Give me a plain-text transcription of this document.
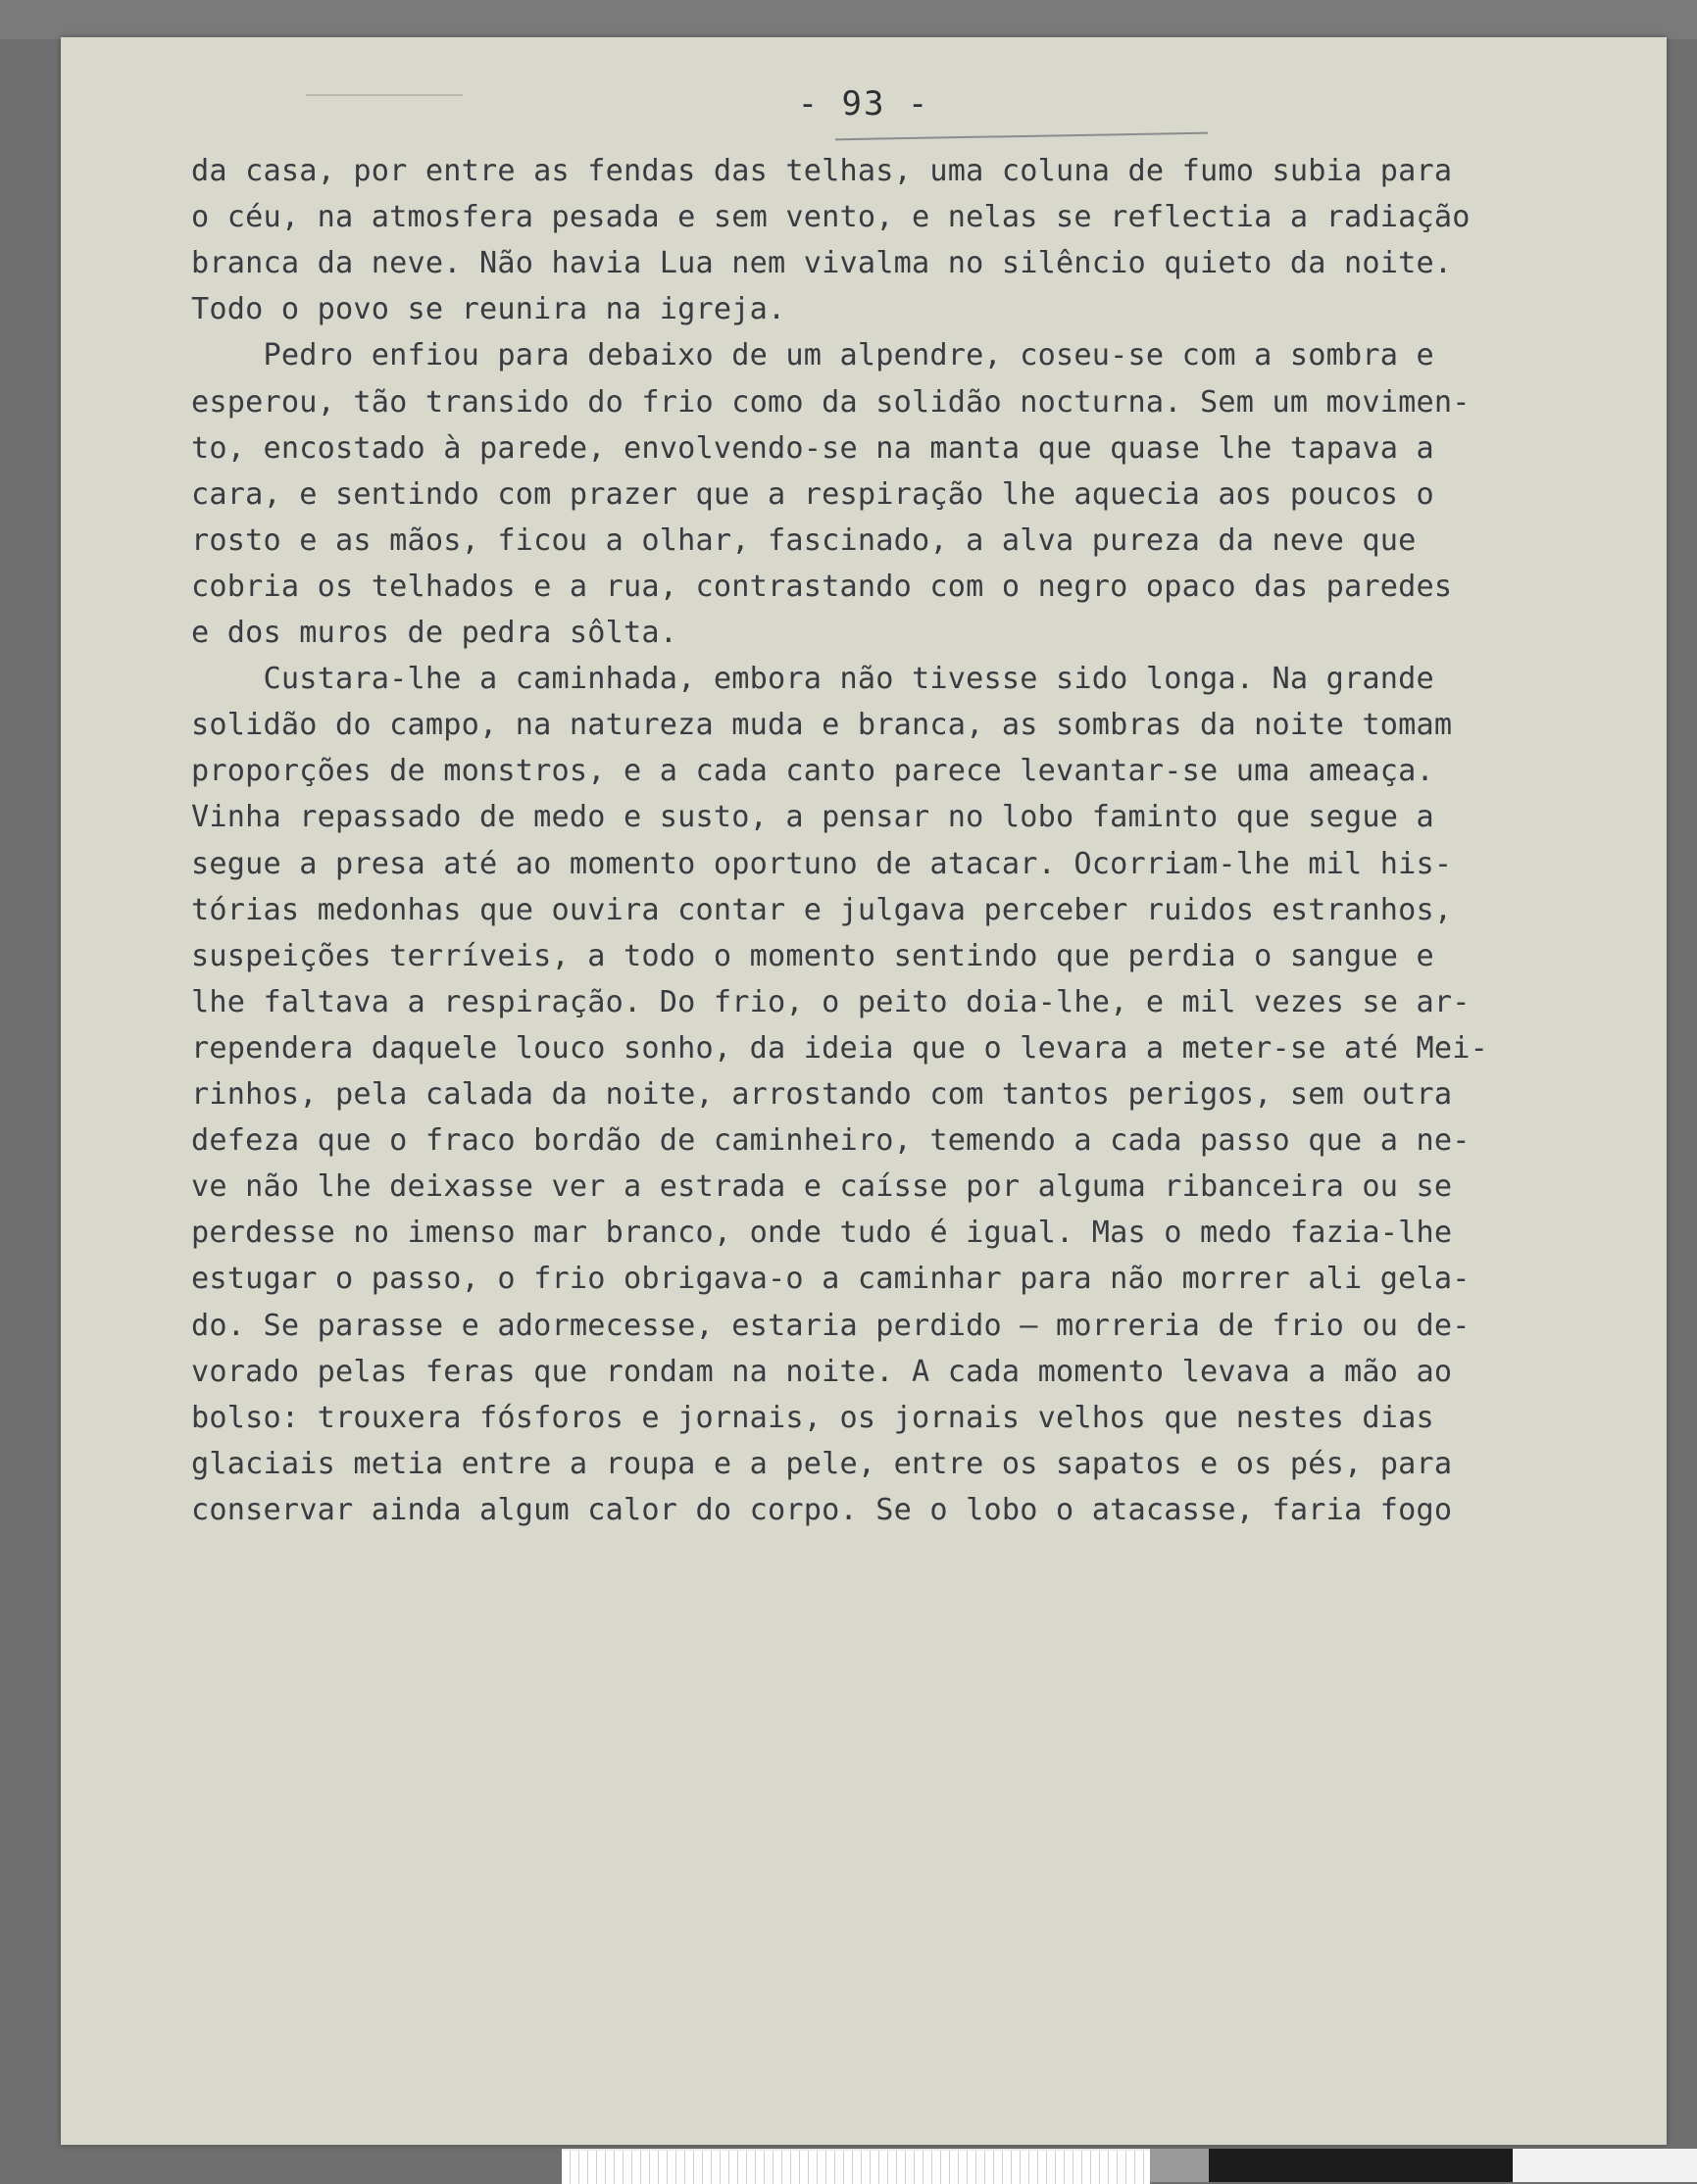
- 93 -
da casa, por entre as fendas das telhas, uma coluna de fumo subia para
o céu, na atmosfera pesada e sem vento, e nelas se reflectia a radiação
branca da neve. Não havia Lua nem vivalma no silêncio quieto da noite.
Todo o povo se reunira na igreja.
Pedro enfiou para debaixo de um alpendre, coseu-se com a sombra e
esperou, tão transido do frio como da solidão nocturna. Sem um movimen-
to, encostado à parede, envolvendo-se na manta que quase lhe tapava a
cara, e sentindo com prazer que a respiração lhe aquecia aos poucos o
rosto e as mãos, ficou a olhar, fascinado, a alva pureza da neve que
cobria os telhados e a rua, contrastando com o negro opaco das paredes
e dos muros de pedra sôlta.
Custara-lhe a caminhada, embora não tivesse sido longa. Na grande
solidão do campo, na natureza muda e branca, as sombras da noite tomam
proporções de monstros, e a cada canto parece levantar-se uma ameaça.
Vinha repassado de medo e susto, a pensar no lobo faminto que segue a
segue a presa até ao momento oportuno de atacar. Ocorriam-lhe mil his-
tórias medonhas que ouvira contar e julgava perceber ruidos estranhos,
suspeições terríveis, a todo o momento sentindo que perdia o sangue e
lhe faltava a respiração. Do frio, o peito doia-lhe, e mil vezes se ar-
rependera daquele louco sonho, da ideia que o levara a meter-se até Mei-
rinhos, pela calada da noite, arrostando com tantos perigos, sem outra
defeza que o fraco bordão de caminheiro, temendo a cada passo que a ne-
ve não lhe deixasse ver a estrada e caísse por alguma ribanceira ou se
perdesse no imenso mar branco, onde tudo é igual. Mas o medo fazia-lhe
estugar o passo, o frio obrigava-o a caminhar para não morrer ali gela-
do. Se parasse e adormecesse, estaria perdido — morreria de frio ou de-
vorado pelas feras que rondam na noite. A cada momento levava a mão ao
bolso: trouxera fósforos e jornais, os jornais velhos que nestes dias
glaciais metia entre a roupa e a pele, entre os sapatos e os pés, para
conservar ainda algum calor do corpo. Se o lobo o atacasse, faria fogo
